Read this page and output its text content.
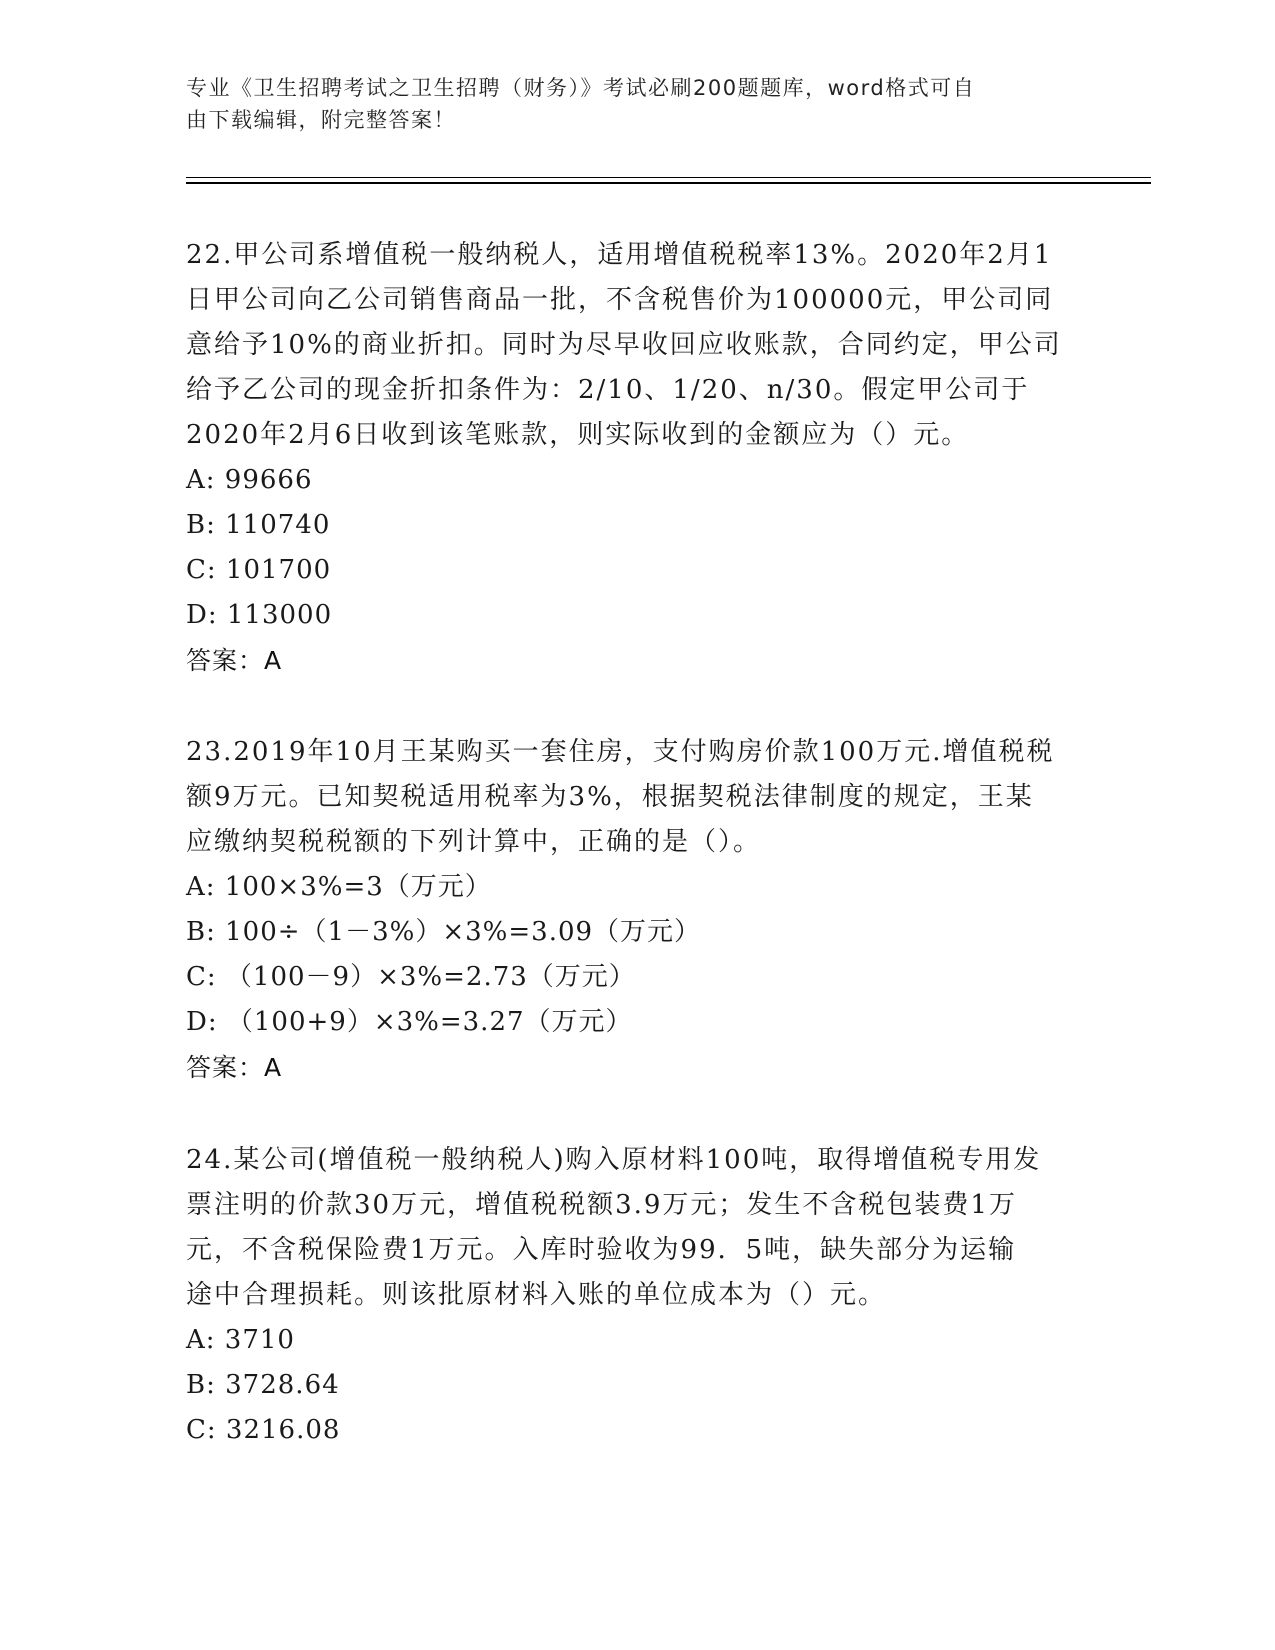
专业《卫生招聘考试之卫生招聘（财务）》考试必刷200题题库，word格式可自
由下载编辑，附完整答案！

22.甲公司系增值税一般纳税人，适用增值税税率13%。2020年2月1

日甲公司向乙公司销售商品一批，不含税售价为100000元，甲公司同

意给予10%的商业折扣。同时为尽早收回应收账款，合同约定，甲公司

给予乙公司的现金折扣条件为：2/10、1/20、n/30。假定甲公司于

2020年2月6日收到该笔账款，则实际收到的金额应为（）元。

A: 99666

B: 110740

C: 101700

D: 113000

答案：A

23.2019年10月王某购买一套住房，支付购房价款100万元.增值税税

额9万元。已知契税适用税率为3%，根据契税法律制度的规定，王某

应缴纳契税税额的下列计算中，正确的是（）。

A: 100×3%=3（万元）

B: 100÷（1－3%）×3%=3.09（万元）

C: （100－9）×3%=2.73（万元）

D: （100+9）×3%=3.27（万元）

答案：A

24.某公司(增值税一般纳税人)购入原材料100吨，取得增值税专用发

票注明的价款30万元，增值税税额3.9万元；发生不含税包装费1万

元，不含税保险费1万元。入库时验收为99．5吨，缺失部分为运输

途中合理损耗。则该批原材料入账的单位成本为（）元。

A: 3710

B: 3728.64

C: 3216.08
